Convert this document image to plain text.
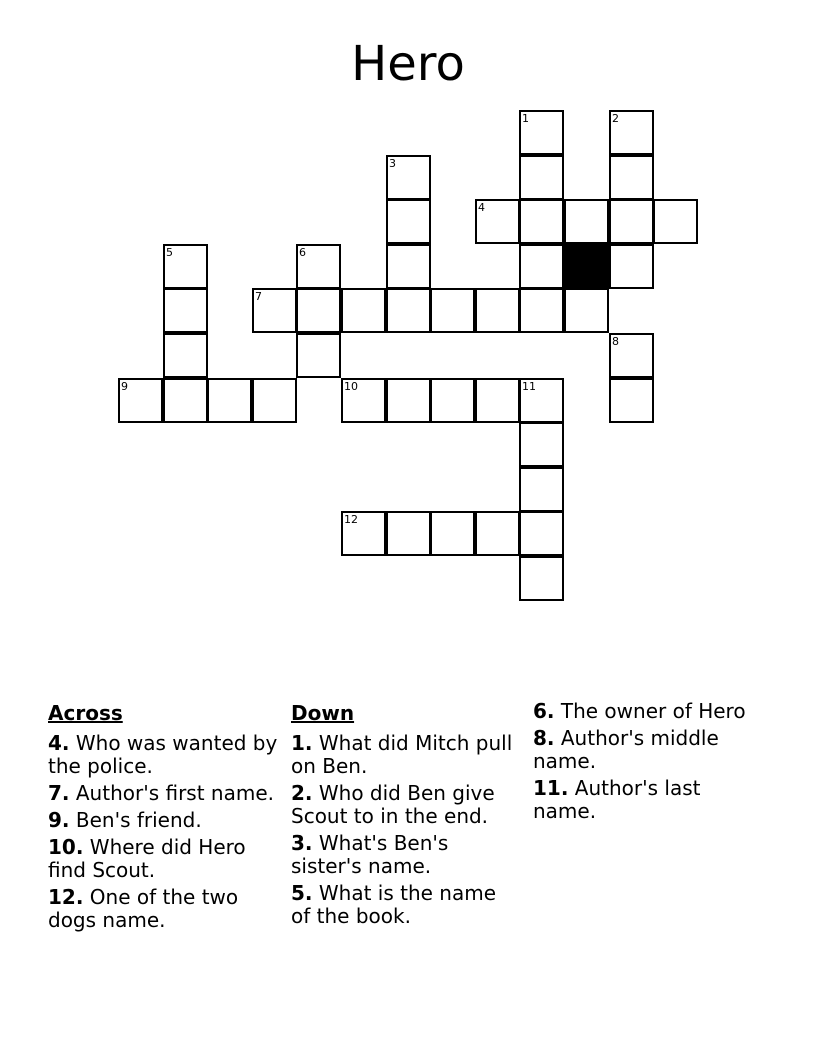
Hero
1	2
3
4
5	6
7
8
9	10	11
12
Across
4. Who was wanted by the police.
7. Author's first name.
9. Ben's friend.
10. Where did Hero find Scout.
12. One of the two dogs name.
Down
1. What did Mitch pull on Ben.
2. Who did Ben give Scout to in the end.
3. What's Ben's sister's name.
5. What is the name of the book.
6. The owner of Hero
8. Author's middle name.
11. Author's last name.
